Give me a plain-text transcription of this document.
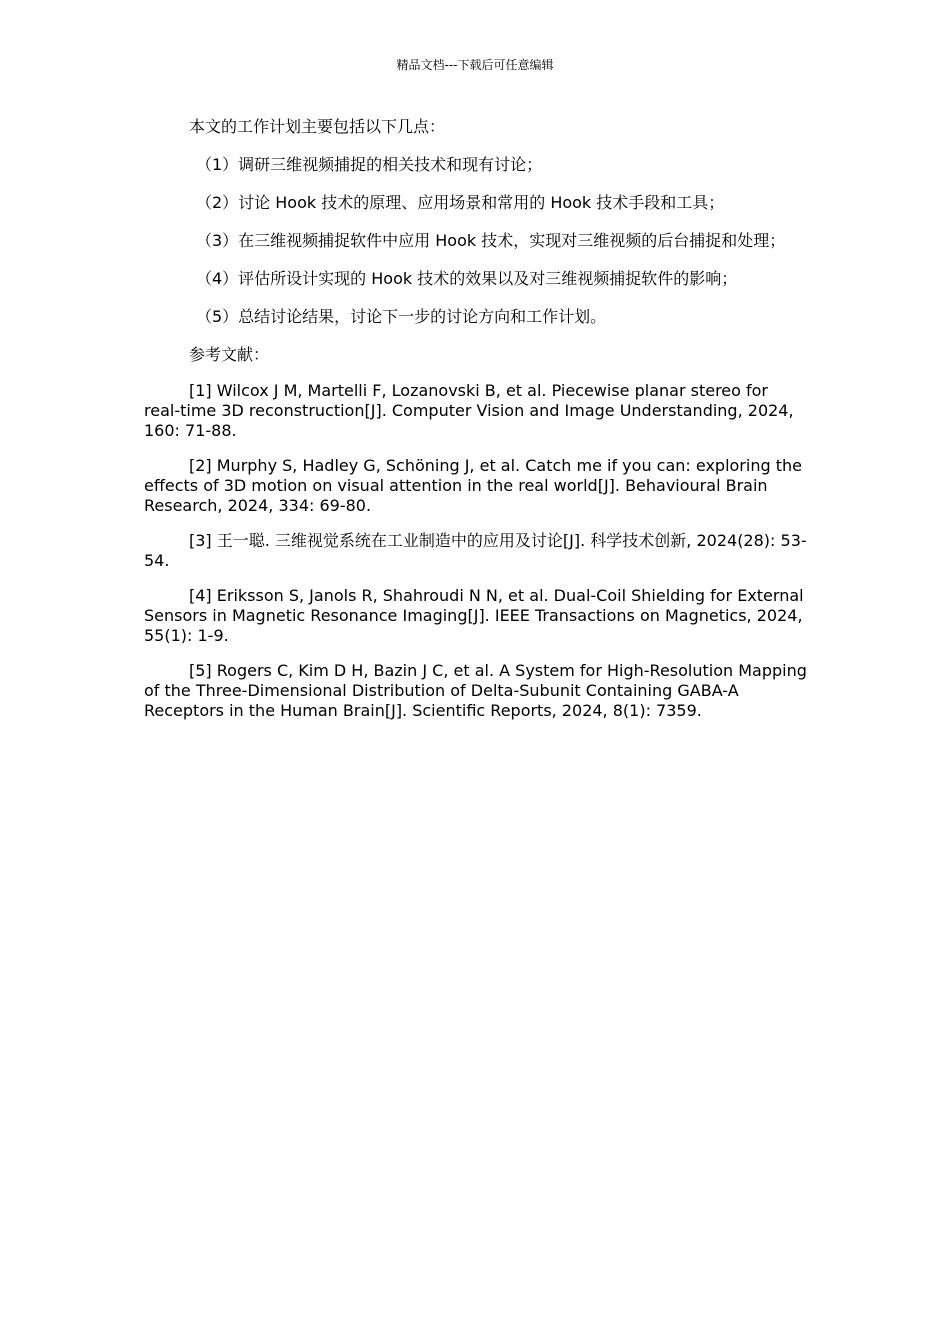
精品文档---下载后可任意编辑

本文的工作计划主要包括以下几点：

（1）调研三维视频捕捉的相关技术和现有讨论；

（2）讨论 Hook 技术的原理、应用场景和常用的 Hook 技术手段和工具；

（3）在三维视频捕捉软件中应用 Hook 技术，实现对三维视频的后台捕捉和处理；

（4）评估所设计实现的 Hook 技术的效果以及对三维视频捕捉软件的影响；

（5）总结讨论结果，讨论下一步的讨论方向和工作计划。

参考文献：

[1] Wilcox J M, Martelli F, Lozanovski B, et al. Piecewise planar stereo for real-time 3D reconstruction[J]. Computer Vision and Image Understanding, 2024, 160: 71-88.

[2] Murphy S, Hadley G, Schöning J, et al. Catch me if you can: exploring the effects of 3D motion on visual attention in the real world[J]. Behavioural Brain Research, 2024, 334: 69-80.

[3] 王一聪. 三维视觉系统在工业制造中的应用及讨论[J]. 科学技术创新, 2024(28): 53-54.

[4] Eriksson S, Janols R, Shahroudi N N, et al. Dual-Coil Shielding for External Sensors in Magnetic Resonance Imaging[J]. IEEE Transactions on Magnetics, 2024, 55(1): 1-9.

[5] Rogers C, Kim D H, Bazin J C, et al. A System for High-Resolution Mapping of the Three-Dimensional Distribution of Delta-Subunit Containing GABA-A Receptors in the Human Brain[J]. Scientific Reports, 2024, 8(1): 7359.
